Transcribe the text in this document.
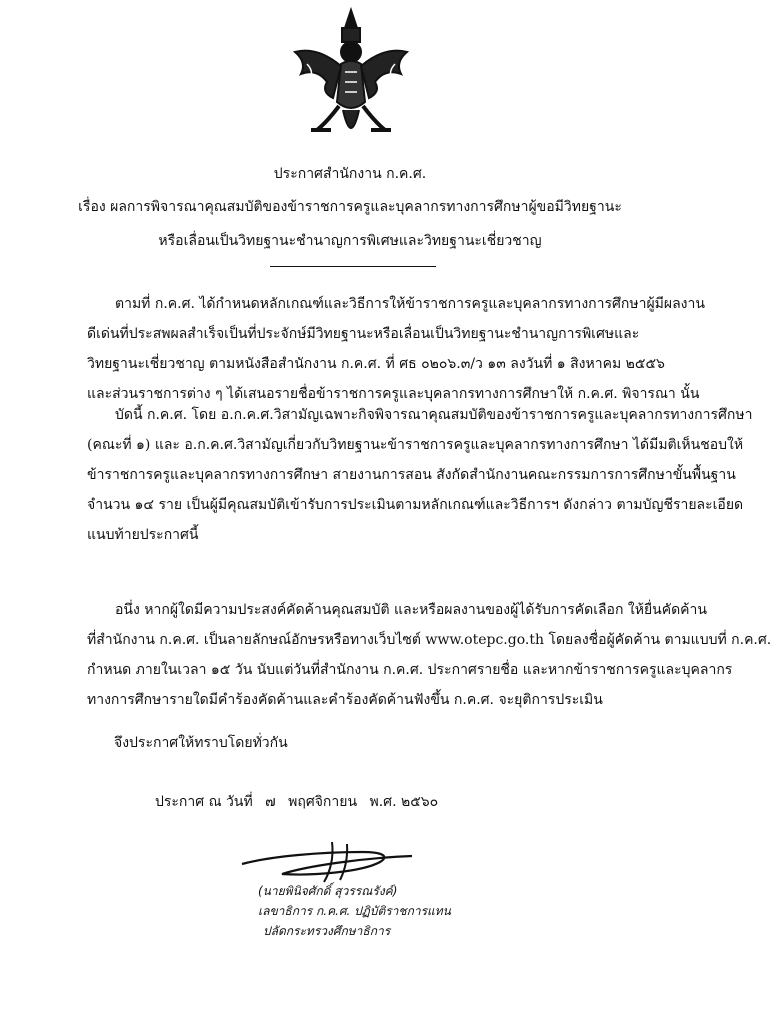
ประกาศสำนักงาน ก.ค.ศ.
เรื่อง ผลการพิจารณาคุณสมบัติของข้าราชการครูและบุคลากรทางการศึกษาผู้ขอมีวิทยฐานะ
หรือเลื่อนเป็นวิทยฐานะชำนาญการพิเศษและวิทยฐานะเชี่ยวชาญ
ตามที่ ก.ค.ศ. ได้กำหนดหลักเกณฑ์และวิธีการให้ข้าราชการครูและบุคลากรทางการศึกษาผู้มีผลงาน
ดีเด่นที่ประสพผลสำเร็จเป็นที่ประจักษ์มีวิทยฐานะหรือเลื่อนเป็นวิทยฐานะชำนาญการพิเศษและ
วิทยฐานะเชี่ยวชาญ ตามหนังสือสำนักงาน ก.ค.ศ. ที่ ศธ ๐๒๐๖.๓/ว ๑๓ ลงวันที่ ๑ สิงหาคม ๒๕๕๖
และส่วนราชการต่าง ๆ ได้เสนอรายชื่อข้าราชการครูและบุคลากรทางการศึกษาให้ ก.ค.ศ. พิจารณา นั้น
บัดนี้ ก.ค.ศ. โดย อ.ก.ค.ศ.วิสามัญเฉพาะกิจพิจารณาคุณสมบัติของข้าราชการครูและบุคลากรทางการศึกษา
(คณะที่ ๑) และ อ.ก.ค.ศ.วิสามัญเกี่ยวกับวิทยฐานะข้าราชการครูและบุคลากรทางการศึกษา ได้มีมติเห็นชอบให้
ข้าราชการครูและบุคลากรทางการศึกษา สายงานการสอน สังกัดสำนักงานคณะกรรมการการศึกษาขั้นพื้นฐาน
จำนวน ๑๔ ราย เป็นผู้มีคุณสมบัติเข้ารับการประเมินตามหลักเกณฑ์และวิธีการฯ ดังกล่าว ตามบัญชีรายละเอียด
แนบท้ายประกาศนี้
อนึ่ง หากผู้ใดมีความประสงค์คัดค้านคุณสมบัติ และหรือผลงานของผู้ได้รับการคัดเลือก ให้ยื่นคัดค้าน
ที่สำนักงาน ก.ค.ศ. เป็นลายลักษณ์อักษรหรือทางเว็บไซต์ www.otepc.go.th โดยลงชื่อผู้คัดค้าน ตามแบบที่ ก.ค.ศ.
กำหนด ภายในเวลา ๑๕ วัน นับแต่วันที่สำนักงาน ก.ค.ศ. ประกาศรายชื่อ และหากข้าราชการครูและบุคลากร
ทางการศึกษารายใดมีคำร้องคัดค้านและคำร้องคัดค้านฟังขึ้น ก.ค.ศ. จะยุติการประเมิน
จึงประกาศให้ทราบโดยทั่วกัน
ประกาศ ณ วันที่ ๗ พฤศจิกายน พ.ศ. ๒๕๖๐
(นายพินิจศักดิ์ สุวรรณรังค์)
เลขาธิการ ก.ค.ศ. ปฏิบัติราชการแทน
ปลัดกระทรวงศึกษาธิการ
